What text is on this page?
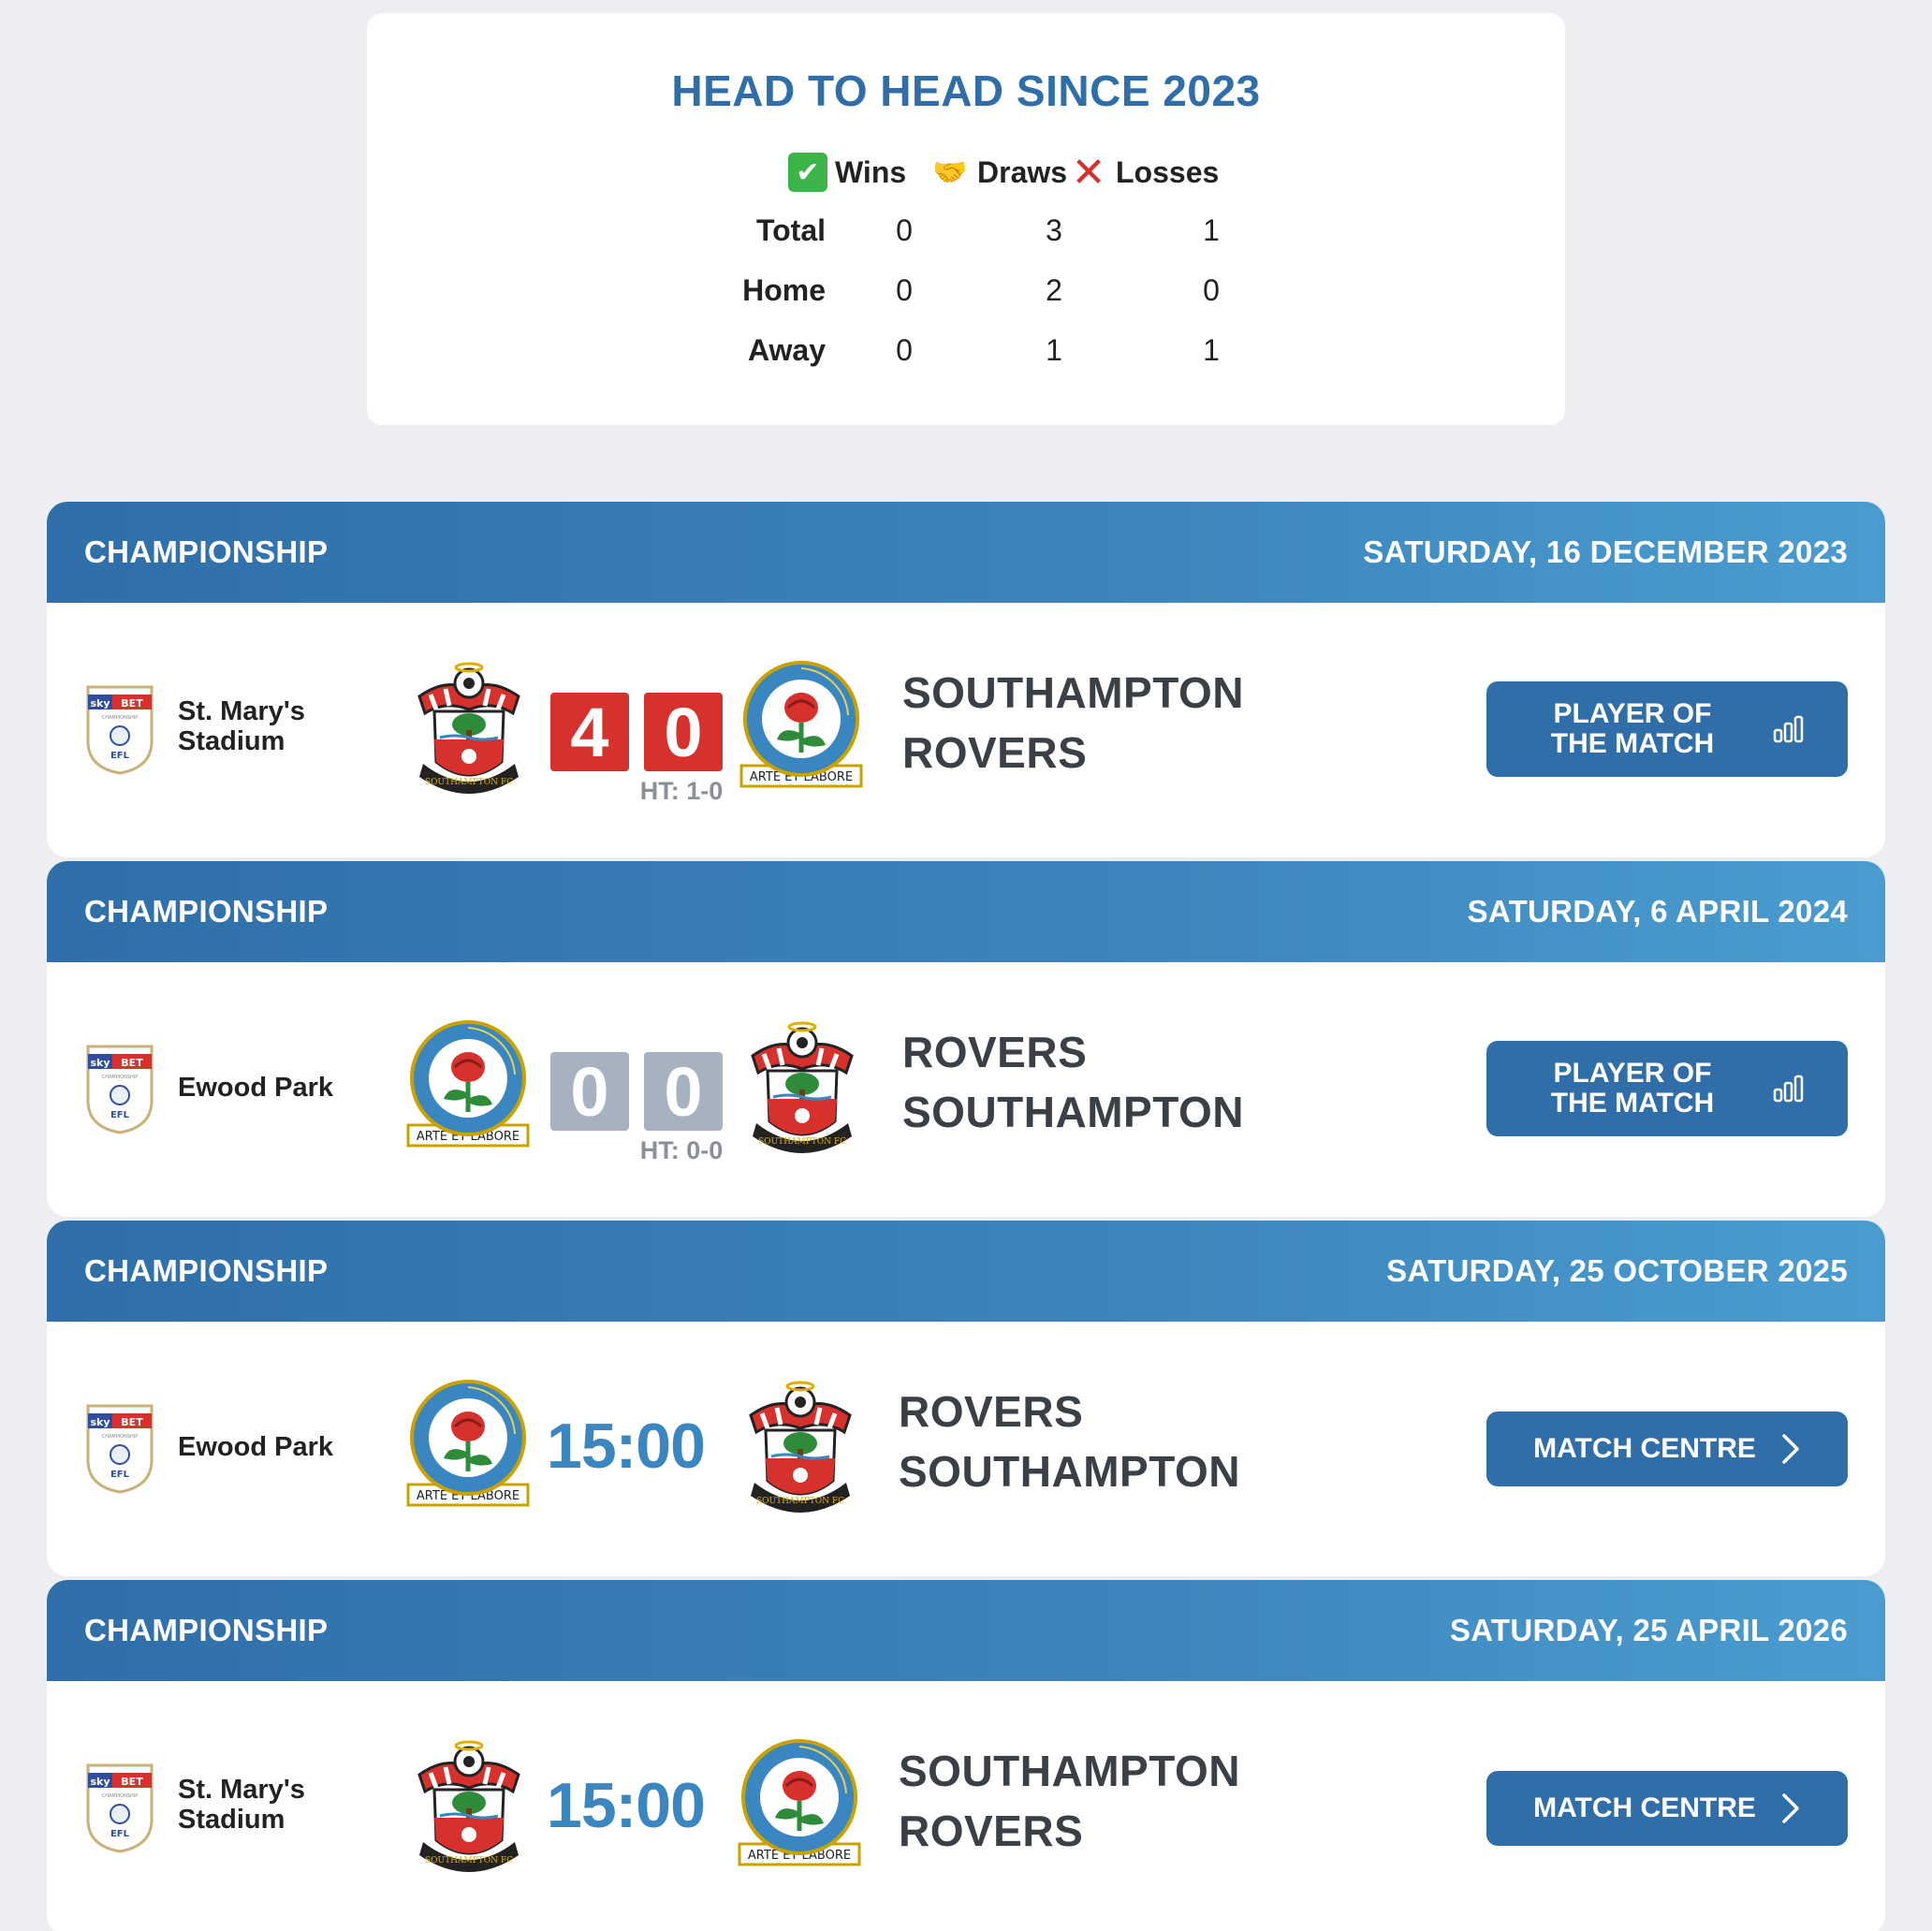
HEAD TO HEAD SINCE 2023
✔ Wins 🤝 Draws ✕ Losses
Total	0	3	1
Home	0	2	0
Away	0	1	1
CHAMPIONSHIP	SATURDAY, 16 DECEMBER 2023
St. Mary's Stadium	4 0
HT: 1-0
SOUTHAMPTON
ROVERS
PLAYER OF THE MATCH
CHAMPIONSHIP	SATURDAY, 6 APRIL 2024
Ewood Park	0 0
HT: 0-0
ROVERS
SOUTHAMPTON
PLAYER OF THE MATCH
CHAMPIONSHIP	SATURDAY, 25 OCTOBER 2025
Ewood Park	15:00	ROVERS
SOUTHAMPTON	MATCH CENTRE
CHAMPIONSHIP	SATURDAY, 25 APRIL 2026
St. Mary's Stadium	15:00	SOUTHAMPTON
ROVERS	MATCH CENTRE
